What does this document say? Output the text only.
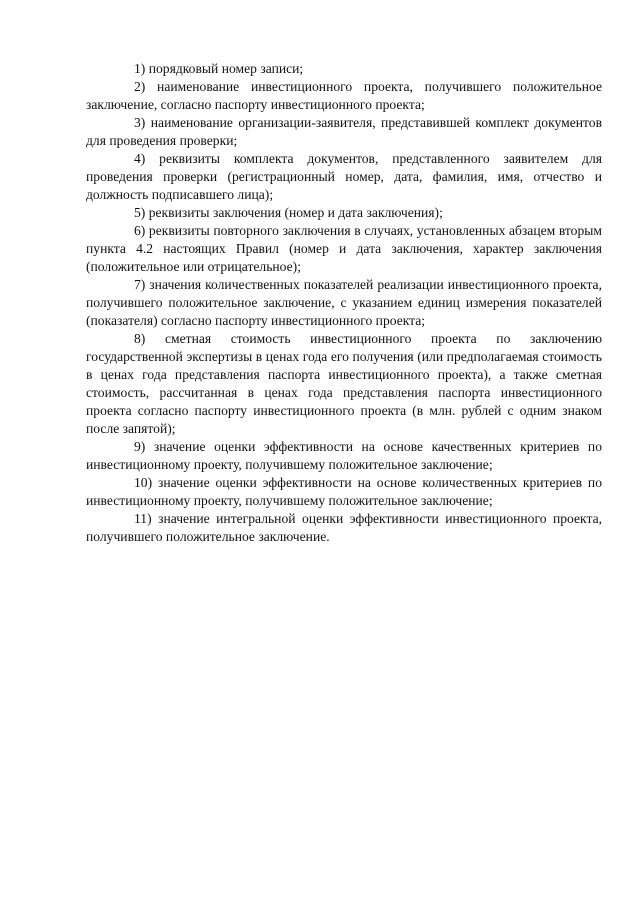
1) порядковый номер записи;

2) наименование инвестиционного проекта, получившего положительное заключение, согласно паспорту инвестиционного проекта;

3) наименование организации-заявителя, представившей комплект документов для проведения проверки;

4) реквизиты комплекта документов, представленного заявителем для проведения проверки (регистрационный номер, дата, фамилия, имя, отчество и должность подписавшего лица);

5) реквизиты заключения (номер и дата заключения);

6) реквизиты повторного заключения в случаях, установленных абзацем вторым пункта 4.2 настоящих Правил (номер и дата заключения, характер заключения (положительное или отрицательное);

7) значения количественных показателей реализации инвестиционного проекта, получившего положительное заключение, с указанием единиц измерения показателей (показателя) согласно паспорту инвестиционного проекта;

8) сметная стоимость инвестиционного проекта по заключению государственной экспертизы в ценах года его получения (или предполагаемая стоимость в ценах года представления паспорта инвестиционного проекта), а также сметная стоимость, рассчитанная в ценах года представления паспорта инвестиционного проекта согласно паспорту инвестиционного проекта (в млн. рублей с одним знаком после запятой);

9) значение оценки эффективности на основе качественных критериев по инвестиционному проекту, получившему положительное заключение;

10) значение оценки эффективности на основе количественных критериев по инвестиционному проекту, получившему положительное заключение;

11) значение интегральной оценки эффективности инвестиционного проекта, получившего положительное заключение.
